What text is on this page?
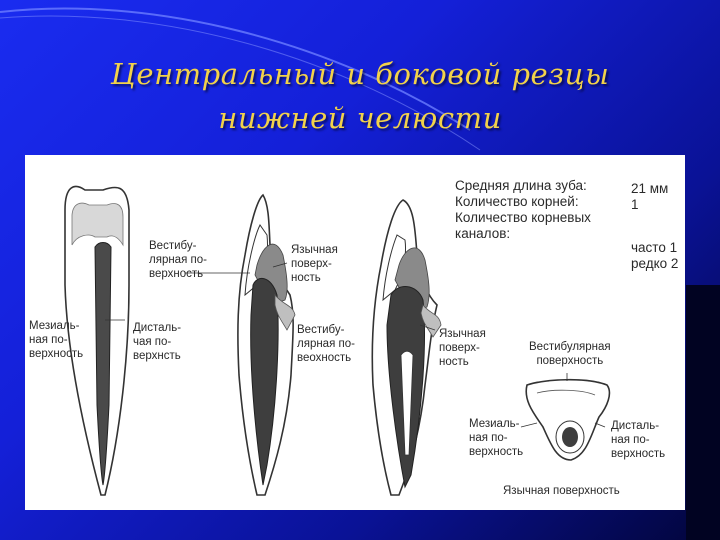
Центральный и боковой резцы
нижней челюсти
Средняя длина зуба:
Количество корней:
Количество корневых
каналов:
21 мм
1
часто 1
редко 2
Мезиаль-
ная по-
верхность
Дисталь-
чая по-
верхнсть
Вестибу-
лярная по-
верхность
Язычная
поверх-
ность
Вестибу-
лярная по-
веохность
Язычная
поверх-
ность
Вестибулярная
поверхность
Мезиаль-
ная по-
верхность
Дисталь-
ная по-
верхность
Язычная поверхность
